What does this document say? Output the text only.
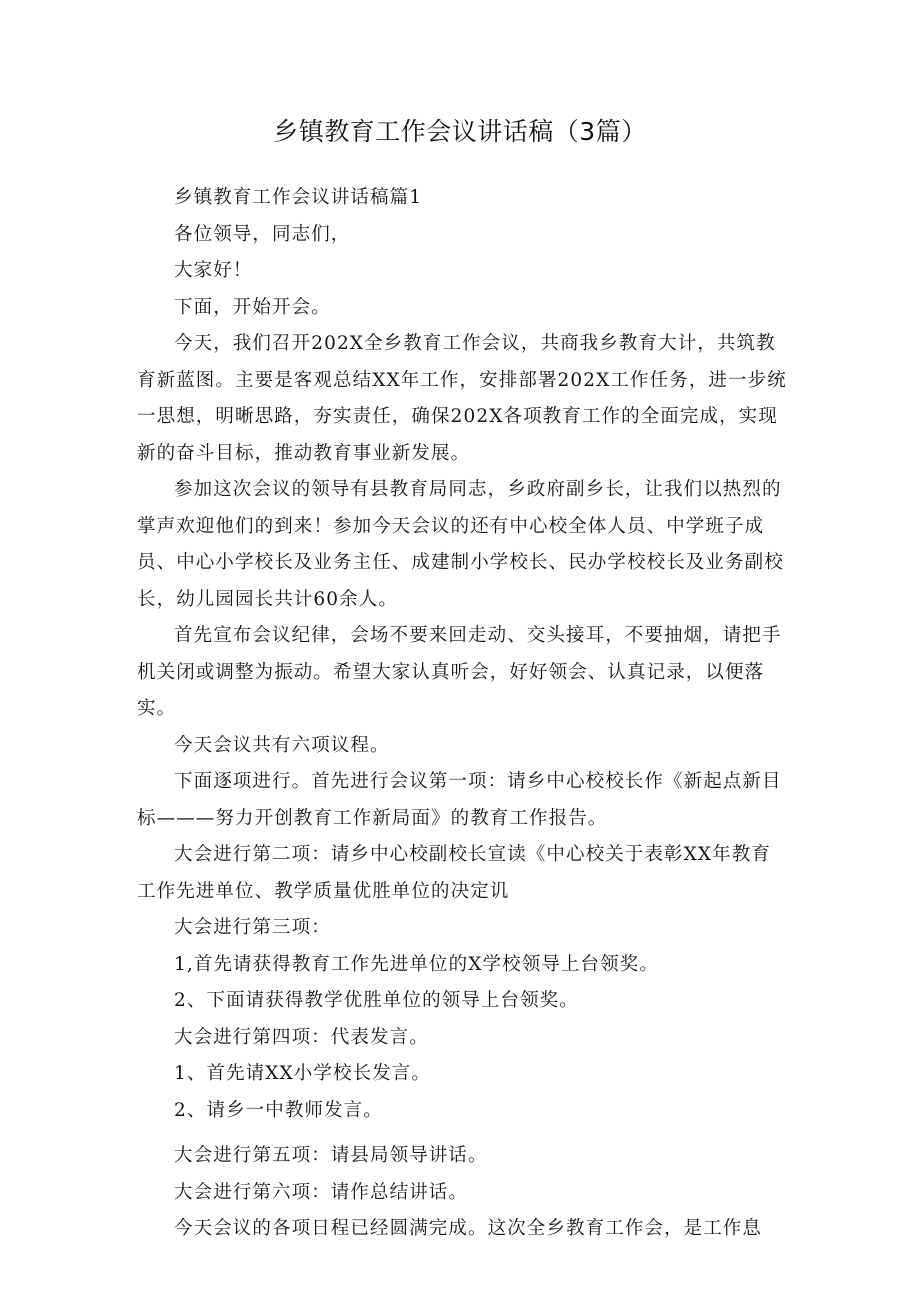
乡镇教育工作会议讲话稿（3篇）

乡镇教育工作会议讲话稿篇1

各位领导，同志们，

大家好！

下面，开始开会。

今天，我们召开202X全乡教育工作会议，共商我乡教育大计，共筑教育新蓝图。主要是客观总结XX年工作，安排部署202X工作任务，进一步统一思想，明晰思路，夯实责任，确保202X各项教育工作的全面完成，实现新的奋斗目标，推动教育事业新发展。

参加这次会议的领导有县教育局同志，乡政府副乡长，让我们以热烈的掌声欢迎他们的到来！参加今天会议的还有中心校全体人员、中学班子成员、中心小学校长及业务主任、成建制小学校长、民办学校校长及业务副校长，幼儿园园长共计60余人。

首先宣布会议纪律，会场不要来回走动、交头接耳，不要抽烟，请把手机关闭或调整为振动。希望大家认真听会，好好领会、认真记录，以便落实。

今天会议共有六项议程。

下面逐项进行。首先进行会议第一项：请乡中心校校长作《新起点新目标———努力开创教育工作新局面》的教育工作报告。

大会进行第二项：请乡中心校副校长宣读《中心校关于表彰XX年教育工作先进单位、教学质量优胜单位的决定讥

大会进行第三项：

1,首先请获得教育工作先进单位的X学校领导上台领奖。

2、下面请获得教学优胜单位的领导上台领奖。

大会进行第四项：代表发言。

1、首先请XX小学校长发言。

2、请乡一中教师发言。

大会进行第五项：请县局领导讲话。

大会进行第六项：请作总结讲话。

今天会议的各项日程已经圆满完成。这次全乡教育工作会，是工作息
